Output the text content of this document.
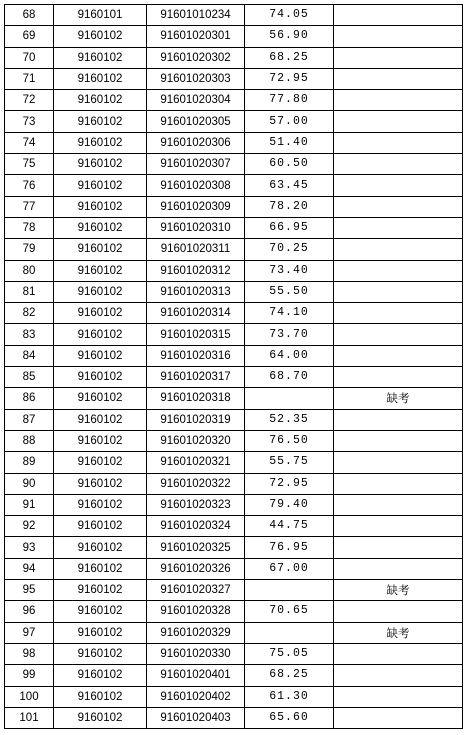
68	9160101	91601010234	74.05	
69	9160102	91601020301	56.90	
70	9160102	91601020302	68.25	
71	9160102	91601020303	72.95	
72	9160102	91601020304	77.80	
73	9160102	91601020305	57.00	
74	9160102	91601020306	51.40	
75	9160102	91601020307	60.50	
76	9160102	91601020308	63.45	
77	9160102	91601020309	78.20	
78	9160102	91601020310	66.95	
79	9160102	91601020311	70.25	
80	9160102	91601020312	73.40	
81	9160102	91601020313	55.50	
82	9160102	91601020314	74.10	
83	9160102	91601020315	73.70	
84	9160102	91601020316	64.00	
85	9160102	91601020317	68.70	
86	9160102	91601020318		缺考
87	9160102	91601020319	52.35	
88	9160102	91601020320	76.50	
89	9160102	91601020321	55.75	
90	9160102	91601020322	72.95	
91	9160102	91601020323	79.40	
92	9160102	91601020324	44.75	
93	9160102	91601020325	76.95	
94	9160102	91601020326	67.00	
95	9160102	91601020327		缺考
96	9160102	91601020328	70.65	
97	9160102	91601020329		缺考
98	9160102	91601020330	75.05	
99	9160102	91601020401	68.25	
100	9160102	91601020402	61.30	
101	9160102	91601020403	65.60	
